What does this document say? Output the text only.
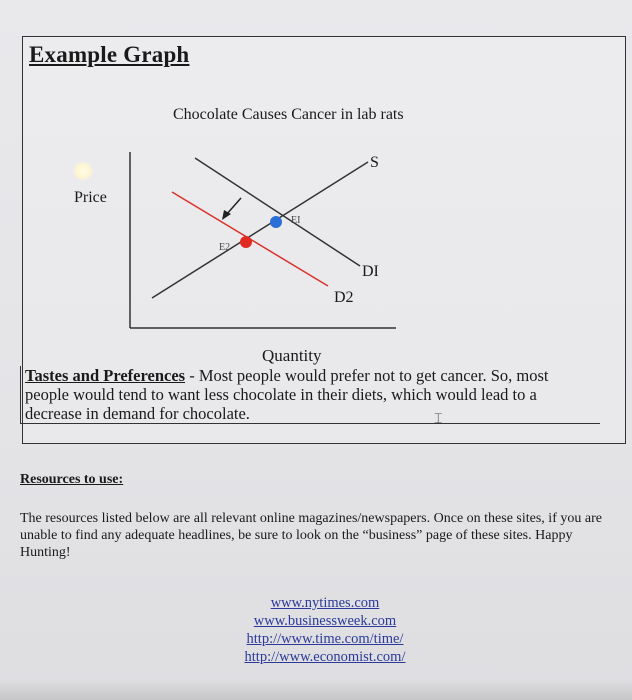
Example Graph
Chocolate Causes Cancer in lab rats
Price
S
DI
D2
EI
E2
Quantity
Tastes and Preferences - Most people would prefer not to get cancer. So, most people would tend to want less chocolate in their diets, which would lead to a decrease in demand for chocolate.	⌶
Resources to use:
The resources listed below are all relevant online magazines/newspapers. Once on these sites, if you are unable to find any adequate headlines, be sure to look on the “business” page of these sites. Happy Hunting!
www.nytimes.com
www.businessweek.com
http://www.time.com/time/
http://www.economist.com/
